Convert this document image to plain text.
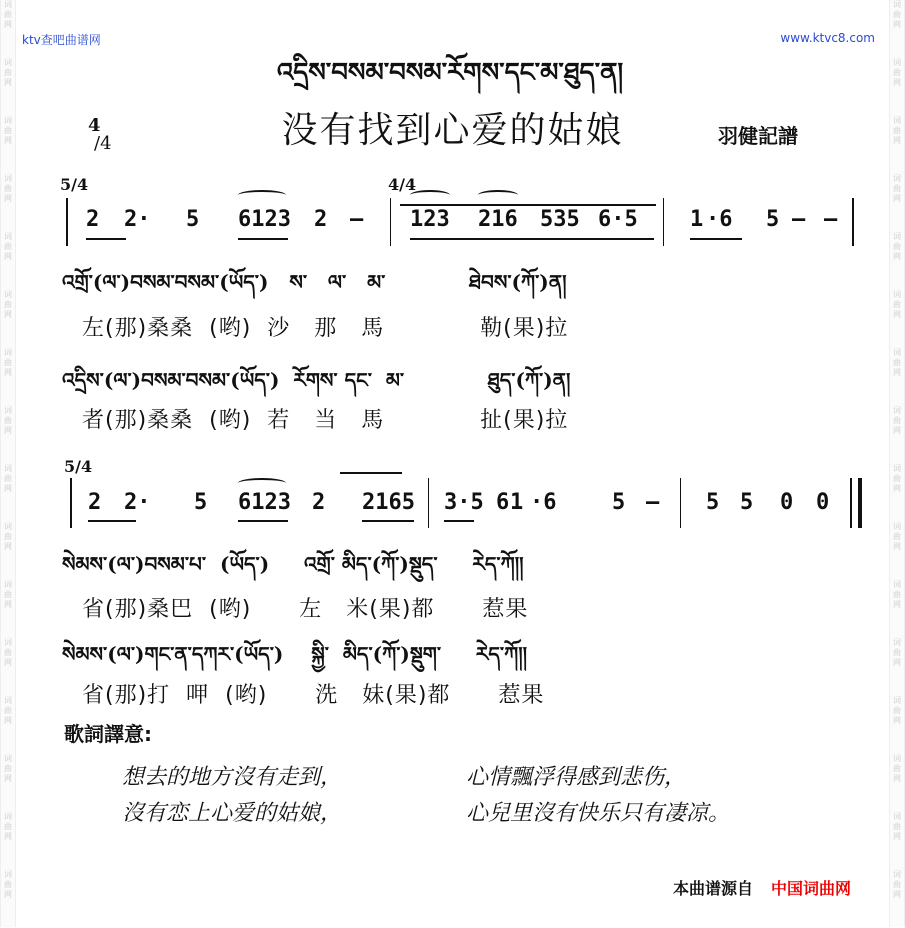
词
曲
网
词
曲
网
词
曲
网
词
曲
网
词
曲
网
词
曲
网
词
曲
网
词
曲
网
词
曲
网
词
曲
网
词
曲
网
词
曲
网
词
曲
网
词
曲
网
词
曲
网
词
曲
网
词
曲
网
词
曲
网
词
曲
网
词
曲
网
词
曲
网
词
曲
网
词
曲
网
词
曲
网
词
曲
网
词
曲
网
词
曲
网
词
曲
网
词
曲
网
词
曲
网
词
曲
网
词
曲
网
ktv查吧曲谱网	www.ktvc8.com
འདྲིས་བསམ་བསམ་རོགས་དང་མ་ཐུད་ན།
没有找到心爱的姑娘	羽健記譜
4
/4
5/4	4/4
2 2· 5 6123 2 — 123 216 535 6·5 1 ·6 5 — —
འགྲོ་(ལ་)བསམ་བསམ་(ཡོད་)   ས་   ལ་   མ་            ཐེབས་(ཀོ་)ན།
左(那)桑桑  (哟)  沙   那   馬            勒(果)拉
འདྲིས་(ལ་)བསམ་བསམ་(ཡོད་)  རོགས་ དང་  མ་            ཐུད་(ཀོ་)ན།
者(那)桑桑  (哟)  若   当   馬            扯(果)拉
5/4
2 2· 5 6123 2 2165 3·5 6 1 ·6	5 — 5 5 0 0
སེམས་(ལ་)བསམ་པ་  (ཡོད་)     འགྲོ་ མིད་(ཀོ་)སྡུད་     རེད་ཀོ།།
省(那)桑巴  (哟)      左   米(果)都      惹果
སེམས་(ལ་)གང་ན་དཀར་(ཡོད་)    སྐྱི་  མིད་(ཀོ་)སྡུག་     རེད་ཀོ།།
省(那)打  呷  (哟)      洗   妹(果)都      惹果
歌詞譯意:
想去的地方沒有走到，	心情飄浮得感到悲伤，
沒有恋上心爱的姑娘，	心兒里沒有快乐只有凄凉。
本曲谱源自 中国词曲网
